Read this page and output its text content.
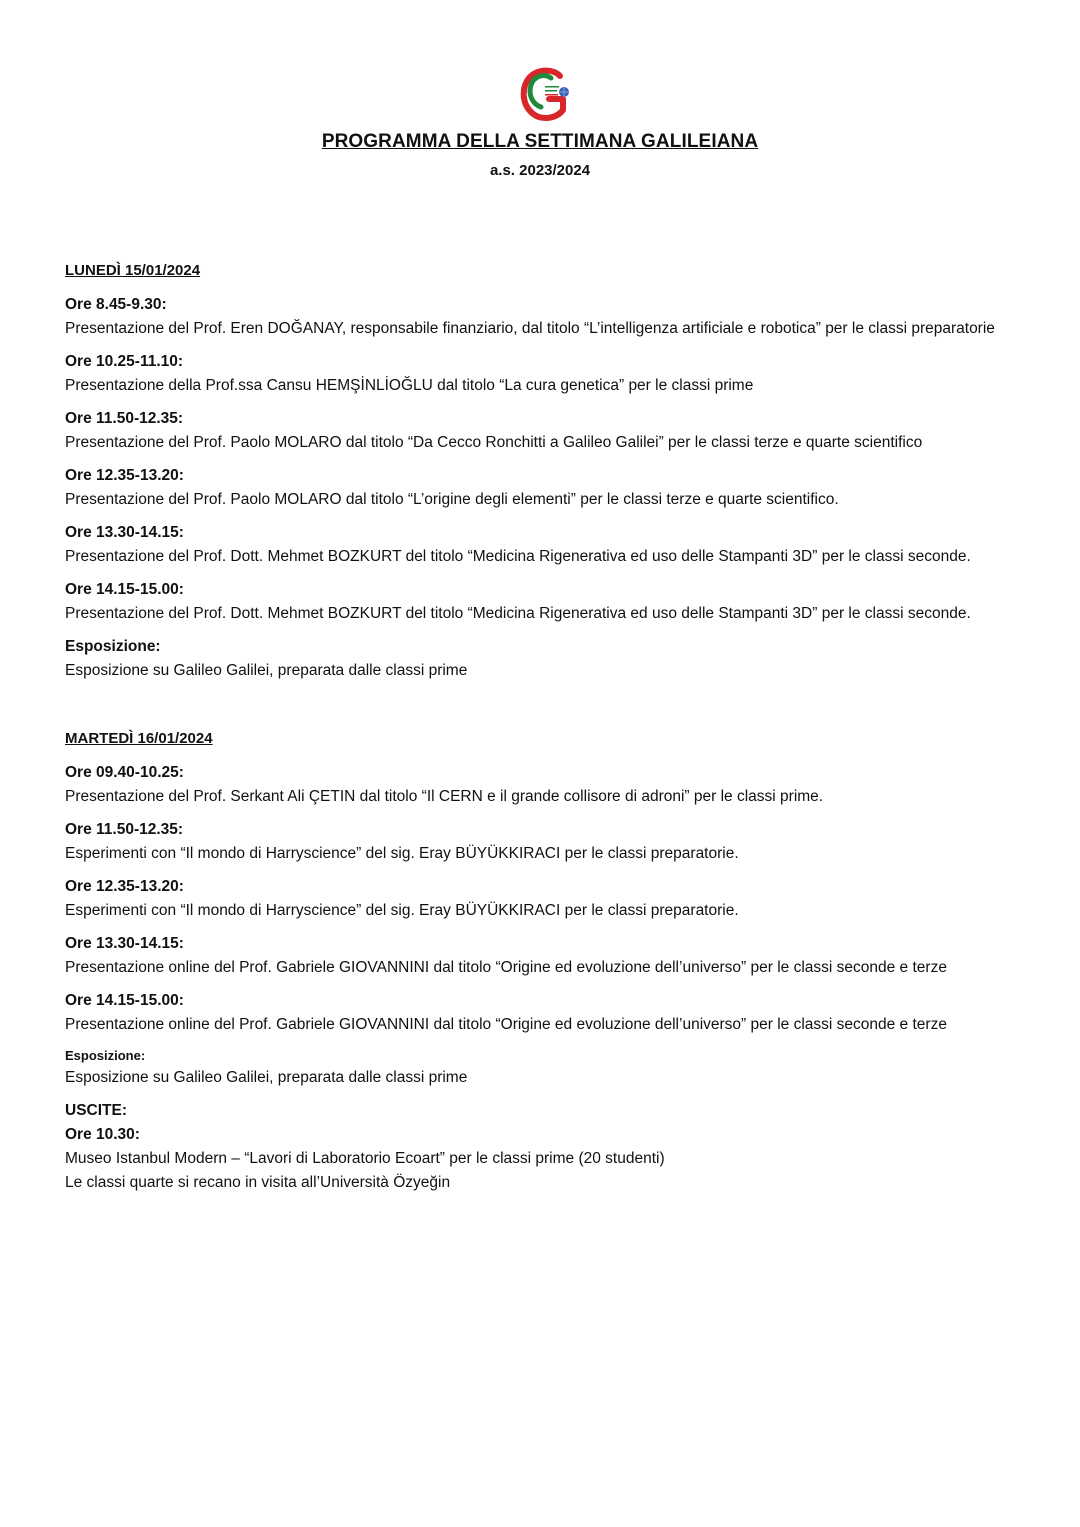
PROGRAMMA DELLA SETTIMANA GALILEIANA
a.s. 2023/2024
LUNEDÌ 15/01/2024
Ore 8.45-9.30:
Presentazione del Prof. Eren DOĞANAY, responsabile finanziario, dal titolo “L’intelligenza artificiale e robotica” per le classi preparatorie
Ore 10.25-11.10:
Presentazione della Prof.ssa Cansu HEMŞİNLİOĞLU dal titolo “La cura genetica” per le classi prime
Ore 11.50-12.35:
Presentazione del Prof. Paolo MOLARO dal titolo “Da Cecco Ronchitti a Galileo Galilei” per le classi terze e quarte scientifico
Ore 12.35-13.20:
Presentazione del Prof. Paolo MOLARO dal titolo “L’origine degli elementi” per le classi terze e quarte scientifico.
Ore 13.30-14.15:
Presentazione del Prof. Dott. Mehmet BOZKURT del titolo “Medicina Rigenerativa ed uso delle Stampanti 3D” per le classi seconde.
Ore 14.15-15.00:
Presentazione del Prof. Dott. Mehmet BOZKURT del titolo “Medicina Rigenerativa ed uso delle Stampanti 3D” per le classi seconde.
Esposizione:
Esposizione su Galileo Galilei, preparata dalle classi prime
MARTEDÌ 16/01/2024
Ore 09.40-10.25:
Presentazione del Prof. Serkant Ali ÇETIN dal titolo “Il CERN e il grande collisore di adroni” per le classi prime.
Ore 11.50-12.35:
Esperimenti con “Il mondo di Harryscience” del sig. Eray BÜYÜKKIRACI per le classi preparatorie.
Ore 12.35-13.20:
Esperimenti con “Il mondo di Harryscience” del sig. Eray BÜYÜKKIRACI per le classi preparatorie.
Ore 13.30-14.15:
Presentazione online del Prof. Gabriele GIOVANNINI dal titolo “Origine ed evoluzione dell’universo” per le classi seconde e terze
Ore 14.15-15.00:
Presentazione online del Prof. Gabriele GIOVANNINI dal titolo “Origine ed evoluzione dell’universo” per le classi seconde e terze
Esposizione:
Esposizione su Galileo Galilei, preparata dalle classi prime
USCITE:
Ore 10.30:
Museo Istanbul Modern – “Lavori di Laboratorio Ecoart” per le classi prime (20 studenti)
Le classi quarte si recano in visita all’Università Özyeğin
